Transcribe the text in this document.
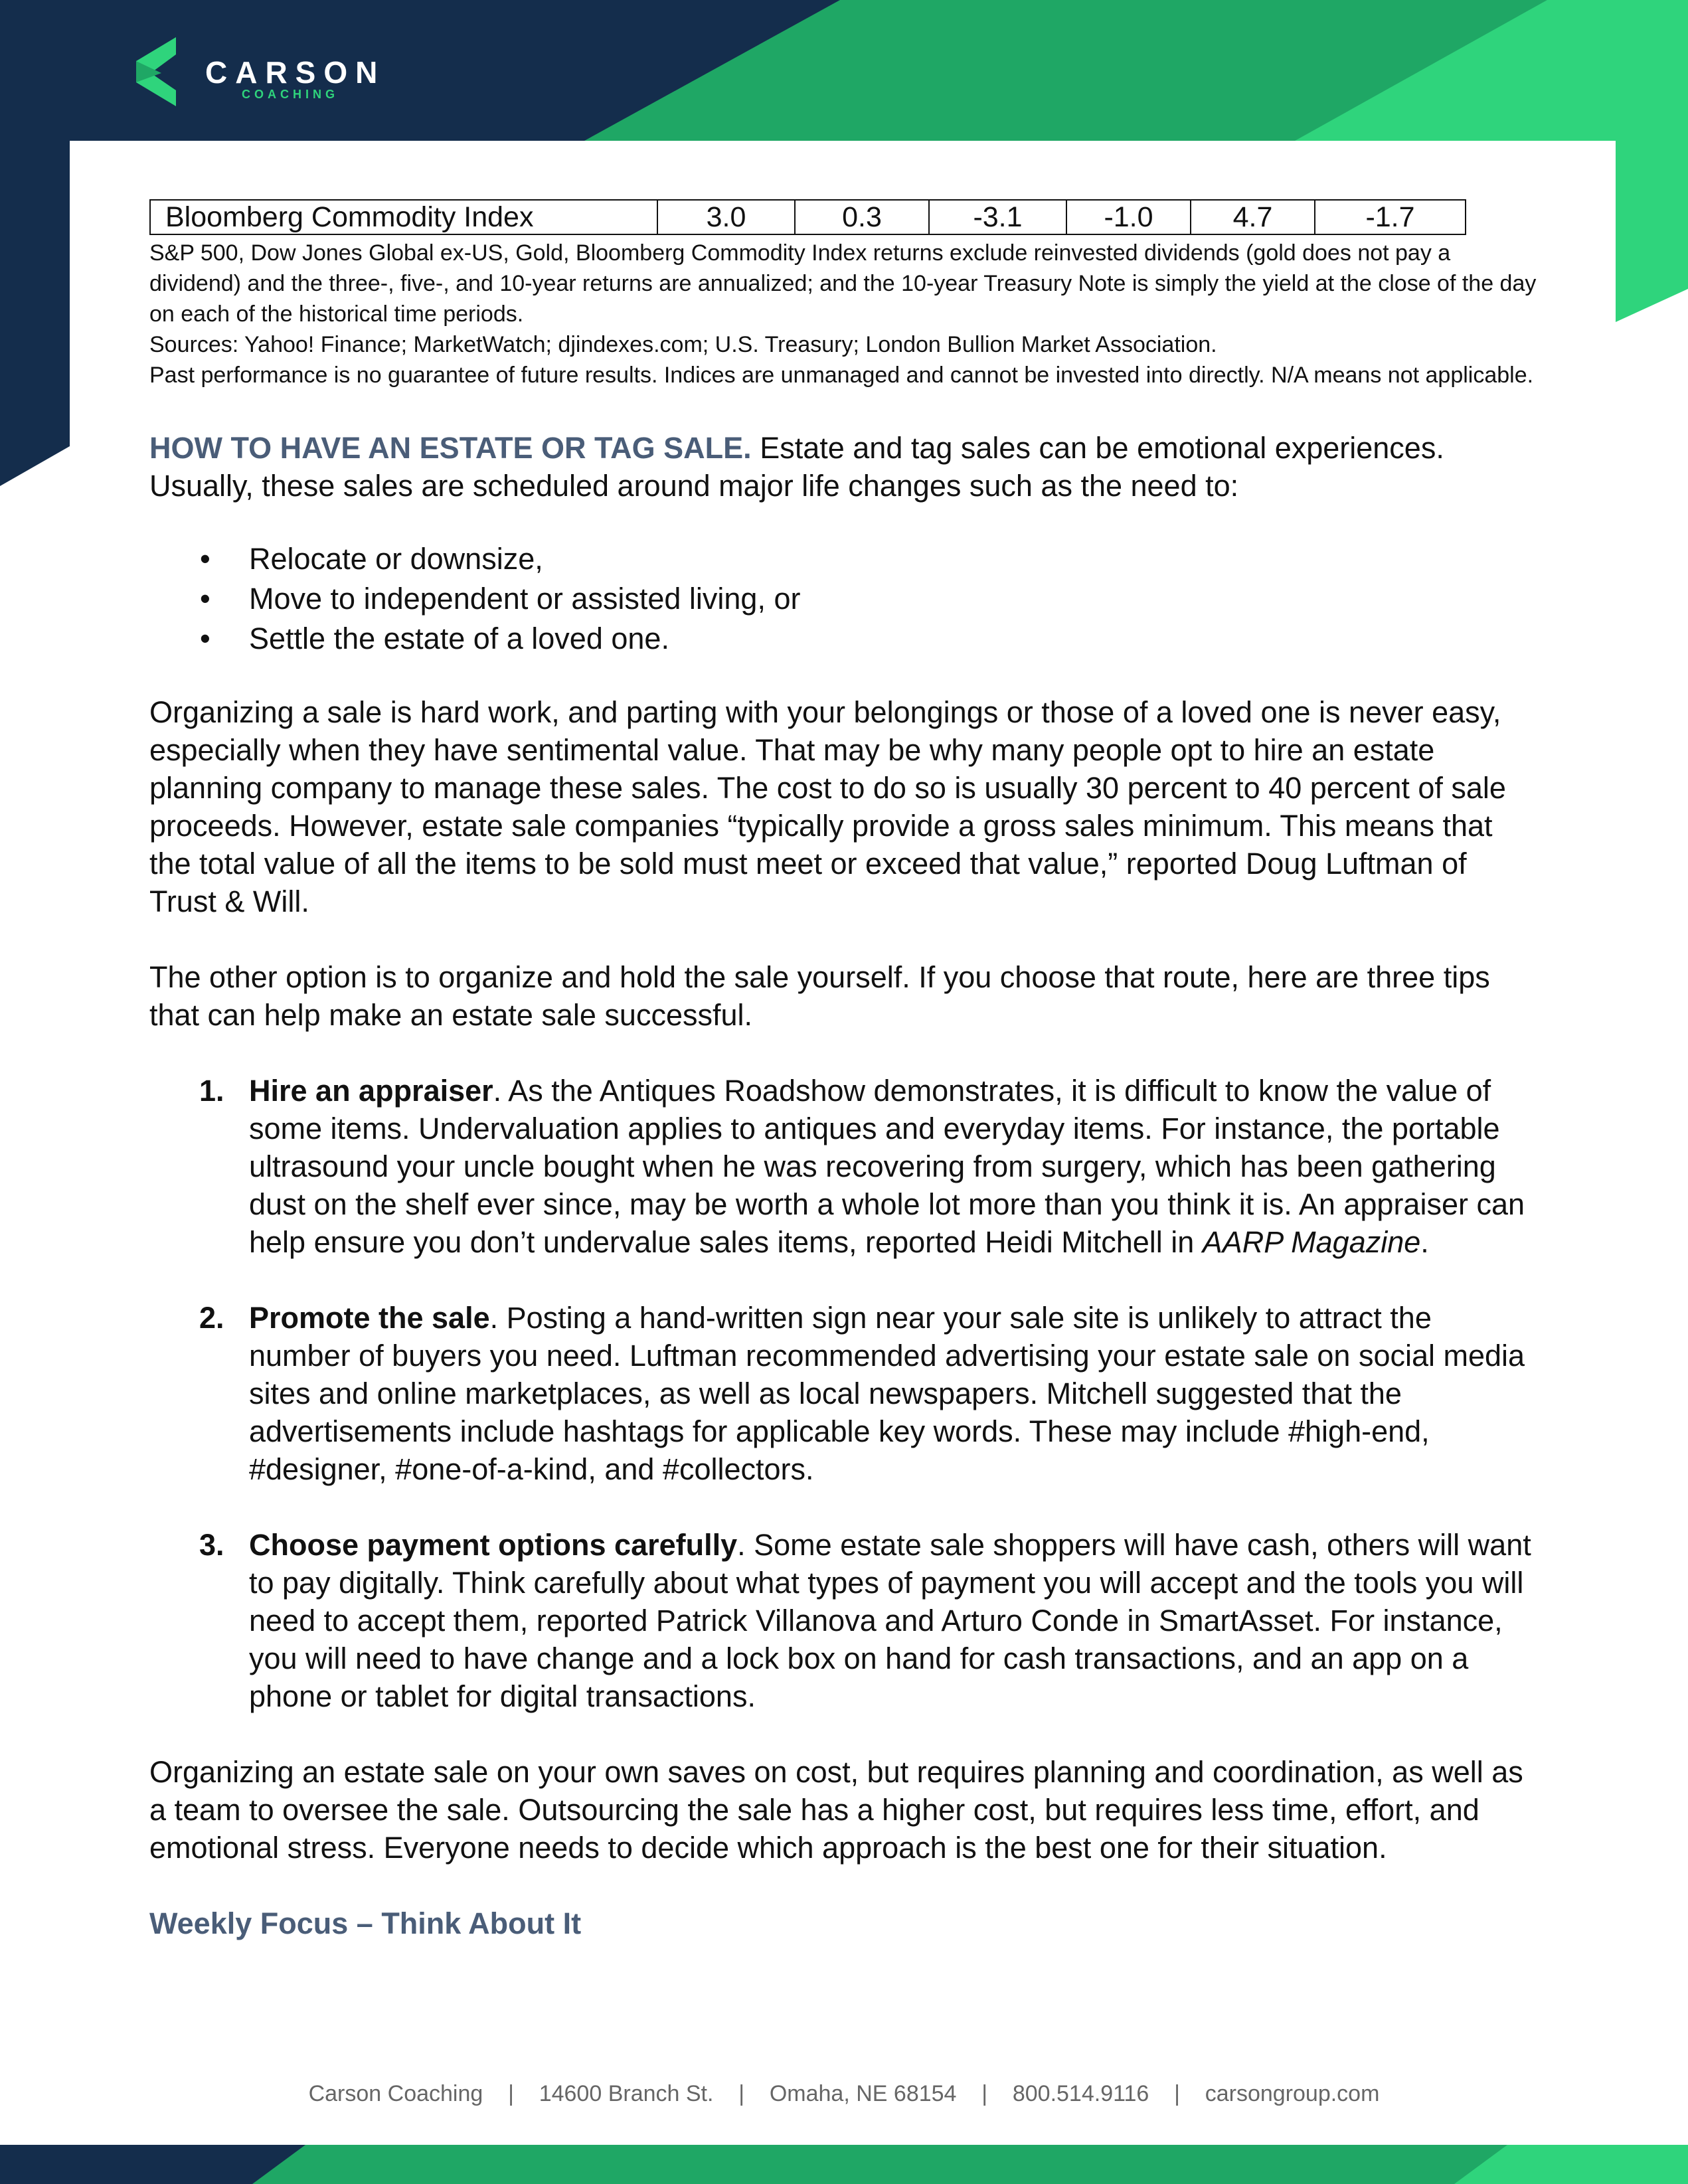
CARSON
COACHING
Bloomberg Commodity Index	3.0	0.3	-3.1	-1.0	4.7	-1.7
S&P 500, Dow Jones Global ex-US, Gold, Bloomberg Commodity Index returns exclude reinvested dividends (gold does not pay a dividend) and the three-, five-, and 10-year returns are annualized; and the 10-year Treasury Note is simply the yield at the close of the day on each of the historical time periods.
Sources: Yahoo! Finance; MarketWatch; djindexes.com; U.S. Treasury; London Bullion Market Association.
Past performance is no guarantee of future results. Indices are unmanaged and cannot be invested into directly. N/A means not applicable.

HOW TO HAVE AN ESTATE OR TAG SALE. Estate and tag sales can be emotional experiences. Usually, these sales are scheduled around major life changes such as the need to:

• Relocate or downsize,
• Move to independent or assisted living, or
• Settle the estate of a loved one.

Organizing a sale is hard work, and parting with your belongings or those of a loved one is never easy, especially when they have sentimental value. That may be why many people opt to hire an estate planning company to manage these sales. The cost to do so is usually 30 percent to 40 percent of sale proceeds. However, estate sale companies “typically provide a gross sales minimum. This means that the total value of all the items to be sold must meet or exceed that value,” reported Doug Luftman of Trust & Will.

The other option is to organize and hold the sale yourself. If you choose that route, here are three tips that can help make an estate sale successful.

1. Hire an appraiser. As the Antiques Roadshow demonstrates, it is difficult to know the value of some items. Undervaluation applies to antiques and everyday items. For instance, the portable ultrasound your uncle bought when he was recovering from surgery, which has been gathering dust on the shelf ever since, may be worth a whole lot more than you think it is. An appraiser can help ensure you don’t undervalue sales items, reported Heidi Mitchell in AARP Magazine.
2. Promote the sale. Posting a hand-written sign near your sale site is unlikely to attract the number of buyers you need. Luftman recommended advertising your estate sale on social media sites and online marketplaces, as well as local newspapers. Mitchell suggested that the advertisements include hashtags for applicable key words. These may include #high-end, #designer, #one-of-a-kind, and #collectors.
3. Choose payment options carefully. Some estate sale shoppers will have cash, others will want to pay digitally. Think carefully about what types of payment you will accept and the tools you will need to accept them, reported Patrick Villanova and Arturo Conde in SmartAsset. For instance, you will need to have change and a lock box on hand for cash transactions, and an app on a phone or tablet for digital transactions.

Organizing an estate sale on your own saves on cost, but requires planning and coordination, as well as a team to oversee the sale. Outsourcing the sale has a higher cost, but requires less time, effort, and emotional stress. Everyone needs to decide which approach is the best one for their situation.

Weekly Focus – Think About It
Carson Coaching    |    14600 Branch St.    |    Omaha, NE 68154    |    800.514.9116    |    carsongroup.com
